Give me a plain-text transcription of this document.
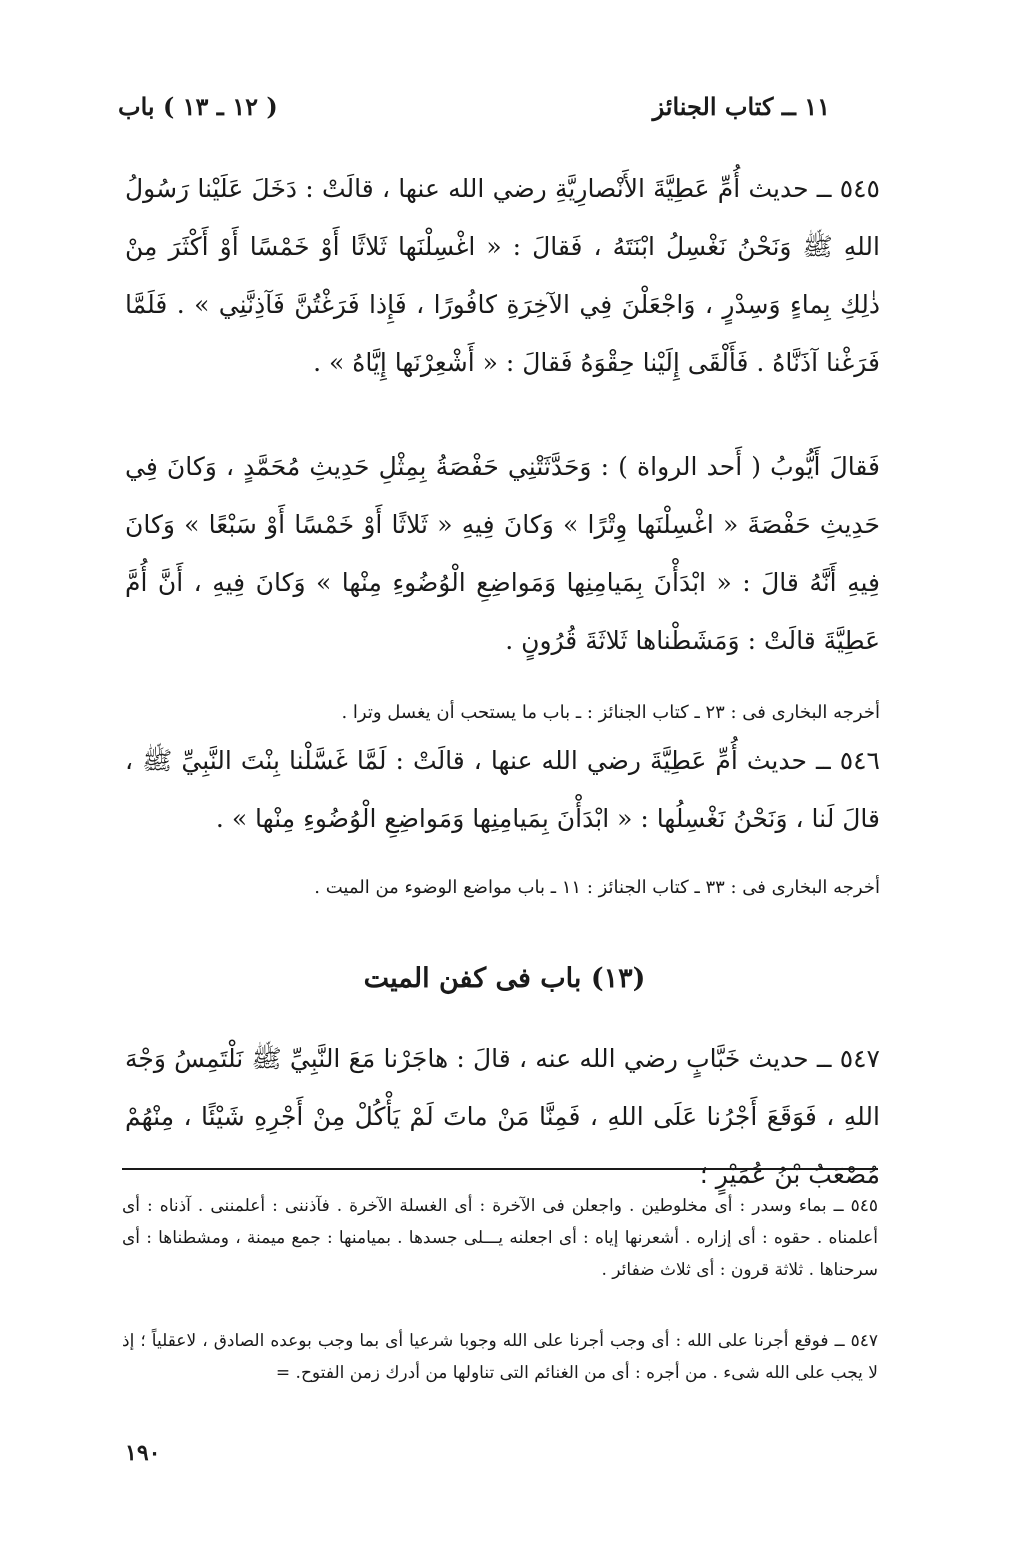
١١ ــ كتاب الجنائز
( ١٢ ـ ١٣ ) باب

٥٤٥ ــ حديث أُمِّ عَطِيَّةَ الأَنْصارِيَّةِ رضي الله عنها ، قالَتْ : دَخَلَ عَلَيْنا رَسُولُ اللهِ ﷺ وَنَحْنُ نَغْسِلُ ابْنَتَهُ ، فَقالَ : « اغْسِلْنَها ثَلاثًا أَوْ خَمْسًا أَوْ أَكْثَرَ مِنْ ذٰلِكِ بِماءٍ وَسِدْرٍ ، وَاجْعَلْنَ فِي الآخِرَةِ كافُورًا ، فَإِذا فَرَغْتُنَّ فَآذِنَّنِي » . فَلَمَّا فَرَغْنا آذَنَّاهُ . فَأَلْقَى إِلَيْنا حِقْوَهُ فَقالَ : « أَشْعِرْنَها إِيَّاهُ » .

فَقالَ أَيُّوبُ ( أَحد الرواة ) : وَحَدَّثَتْنِي حَفْصَةُ بِمِثْلِ حَدِيثِ مُحَمَّدٍ ، وَكانَ فِي حَدِيثِ حَفْصَةَ « اغْسِلْنَها وِتْرًا » وَكانَ فِيهِ « ثَلاثًا أَوْ خَمْسًا أَوْ سَبْعًا » وَكانَ فِيهِ أَنَّهُ قالَ : « ابْدَأْنَ بِمَيامِنِها وَمَواضِعِ الْوُضُوءِ مِنْها » وَكانَ فِيهِ ، أَنَّ أُمَّ عَطِيَّةَ قالَتْ : وَمَشَطْناها ثَلاثَةَ قُرُونٍ .

أخرجه البخارى فى : ٢٣ ـ كتاب الجنائز : ـ باب ما يستحب أن يغسل وترا .

٥٤٦ ــ حديث أُمِّ عَطِيَّةَ رضي الله عنها ، قالَتْ : لَمَّا غَسَّلْنا بِنْتَ النَّبِيِّ ﷺ ، قالَ لَنا ، وَنَحْنُ نَغْسِلُها : « ابْدَأْنَ بِمَيامِنِها وَمَواضِعِ الْوُضُوءِ مِنْها » .

أخرجه البخارى فى : ٣٣ ـ كتاب الجنائز : ١١ ـ باب مواضع الوضوء من الميت .
(١٣) باب فى كفن الميت

٥٤٧ ــ حديث خَبَّابٍ رضي الله عنه ، قالَ : هاجَرْنا مَعَ النَّبِيِّ ﷺ نَلْتَمِسُ وَجْهَ اللهِ ، فَوَقَعَ أَجْرُنا عَلَى اللهِ ، فَمِنَّا مَنْ ماتَ لَمْ يَأْكُلْ مِنْ أَجْرِهِ شَيْئًا ، مِنْهُمْ مُصْعَبُ بْنُ عُمَيْرٍ ؛

٥٤٥ ــ بماء وسدر : أى مخلوطين . واجعلن فى الآخرة : أى الغسلة الآخرة . فآذننى : أعلمننى . آذناه : أى أعلمناه . حقوه : أى إزاره . أشعرنها إياه : أى اجعلنه يـــلى جسدها . بميامنها : جمع ميمنة ، ومشطناها : أى سرحناها . ثلاثة قرون : أى ثلاث ضفائر .

٥٤٧ ــ فوقع أجرنا على الله : أى وجب أجرنا على الله وجوبا شرعيا أى بما وجب بوعده الصادق ، لاعقلياً ؛ إذ لا يجب على الله شىء . من أجره : أى من الغنائم التى تناولها من أدرك زمن الفتوح. =

١٩٠
